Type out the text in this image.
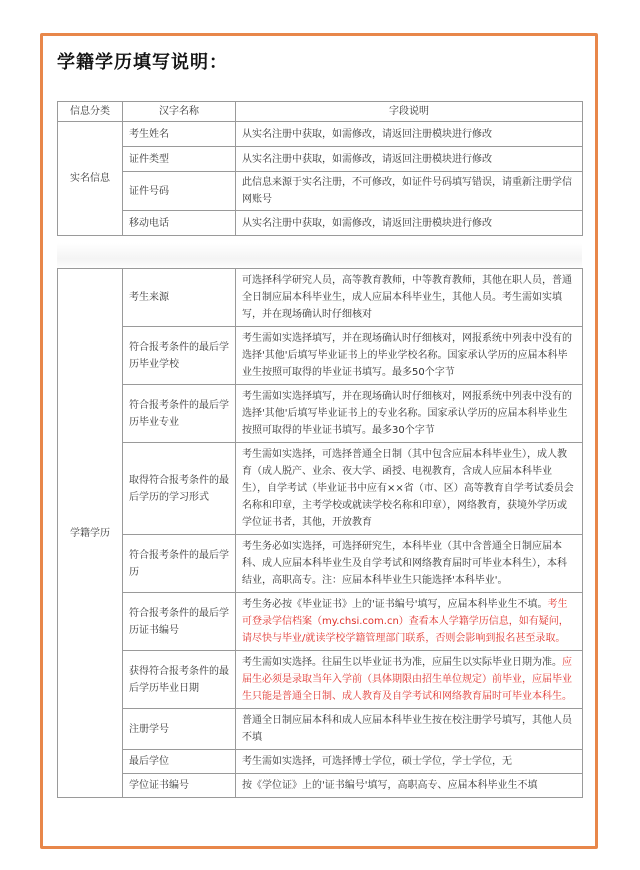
学籍学历填写说明：
信息分类	汉字名称	字段说明
实名信息	考生姓名	从实名注册中获取，如需修改，请返回注册模块进行修改
	证件类型	从实名注册中获取，如需修改，请返回注册模块进行修改
	证件号码	此信息来源于实名注册，不可修改，如证件号码填写错误，请重新注册学信网账号
	移动电话	从实名注册中获取，如需修改，请返回注册模块进行修改
学籍学历	考生来源	可选择科学研究人员，高等教育教师，中等教育教师，其他在职人员，普通全日制应届本科毕业生，成人应届本科毕业生，其他人员。考生需如实填写，并在现场确认时仔细核对
	符合报考条件的最后学历毕业学校	考生需如实选择填写，并在现场确认时仔细核对，网报系统中列表中没有的选择'其他'后填写毕业证书上的毕业学校名称。国家承认学历的应届本科毕业生按照可取得的毕业证书填写。最多50个字节
	符合报考条件的最后学历毕业专业	考生需如实选择填写，并在现场确认时仔细核对，网报系统中列表中没有的选择'其他'后填写毕业证书上的专业名称。国家承认学历的应届本科毕业生按照可取得的毕业证书填写。最多30个字节
	取得符合报考条件的最后学历的学习形式	考生需如实选择，可选择普通全日制（其中包含应届本科毕业生），成人教育（成人脱产、业余、夜大学、函授、电视教育，含成人应届本科毕业生），自学考试（毕业证书中应有××省（市、区）高等教育自学考试委员会名称和印章，主考学校或就读学校名称和印章），网络教育，获境外学历或学位证书者，其他，开放教育
	符合报考条件的最后学历	考生务必如实选择，可选择研究生，本科毕业（其中含普通全日制应届本科、成人应届本科毕业生及自学考试和网络教育届时可毕业本科生），本科结业，高职高专。注：应届本科毕业生只能选择'本科毕业'。
	符合报考条件的最后学历证书编号	考生务必按《毕业证书》上的'证书编号'填写，应届本科毕业生不填。考生可登录学信档案（my.chsi.com.cn）查看本人学籍学历信息，如有疑问，请尽快与毕业/就读学校学籍管理部门联系，否则会影响到报名甚至录取。
	获得符合报考条件的最后学历毕业日期	考生需如实选择。往届生以毕业证书为准，应届生以实际毕业日期为准。应届生必须是录取当年入学前（具体期限由招生单位规定）前毕业，应届毕业生只能是普通全日制、成人教育及自学考试和网络教育届时可毕业本科生。
	注册学号	普通全日制应届本科和成人应届本科毕业生按在校注册学号填写，其他人员不填
	最后学位	考生需如实选择，可选择博士学位，硕士学位，学士学位，无
	学位证书编号	按《学位证》上的'证书编号'填写，高职高专、应届本科毕业生不填
